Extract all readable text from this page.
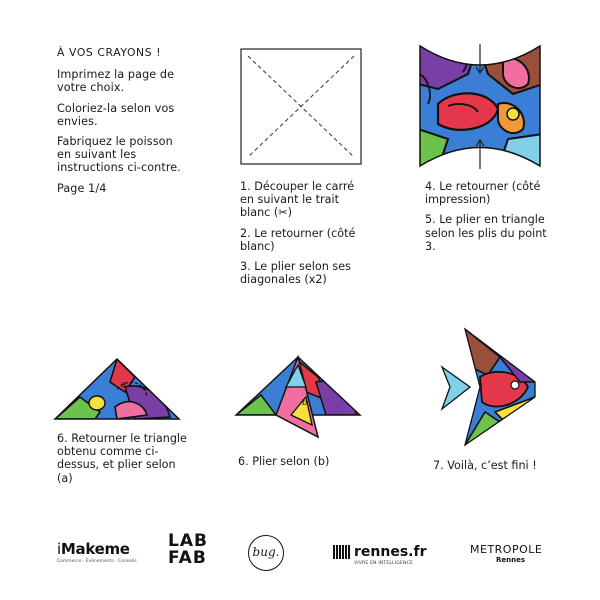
À VOS CRAYONS !

Imprimez la page de votre choix.

Coloriez-la selon vos envies.

Fabriquez le poisson en suivant les instructions ci-contre.

Page 1/4	1. Découper le carré en suivant le trait blanc (✂)

2. Le retourner (côté blanc)

3. Le plier selon ses diagonales (x2)

4. Le retourner (côté impression)

5. Le plier en triangle selon les plis du point 3.

a

6. Retourner le triangle obtenu comme ci-dessus, et plier selon (a)

b

6. Plier selon (b)	7. Voilà, c’est fini !

iMakeme
Commerce · Événements · Conseils
LAB
FAB	bug.	rennes.fr
VIVRE EN INTELLIGENCE
METROPOLE
Rennes
